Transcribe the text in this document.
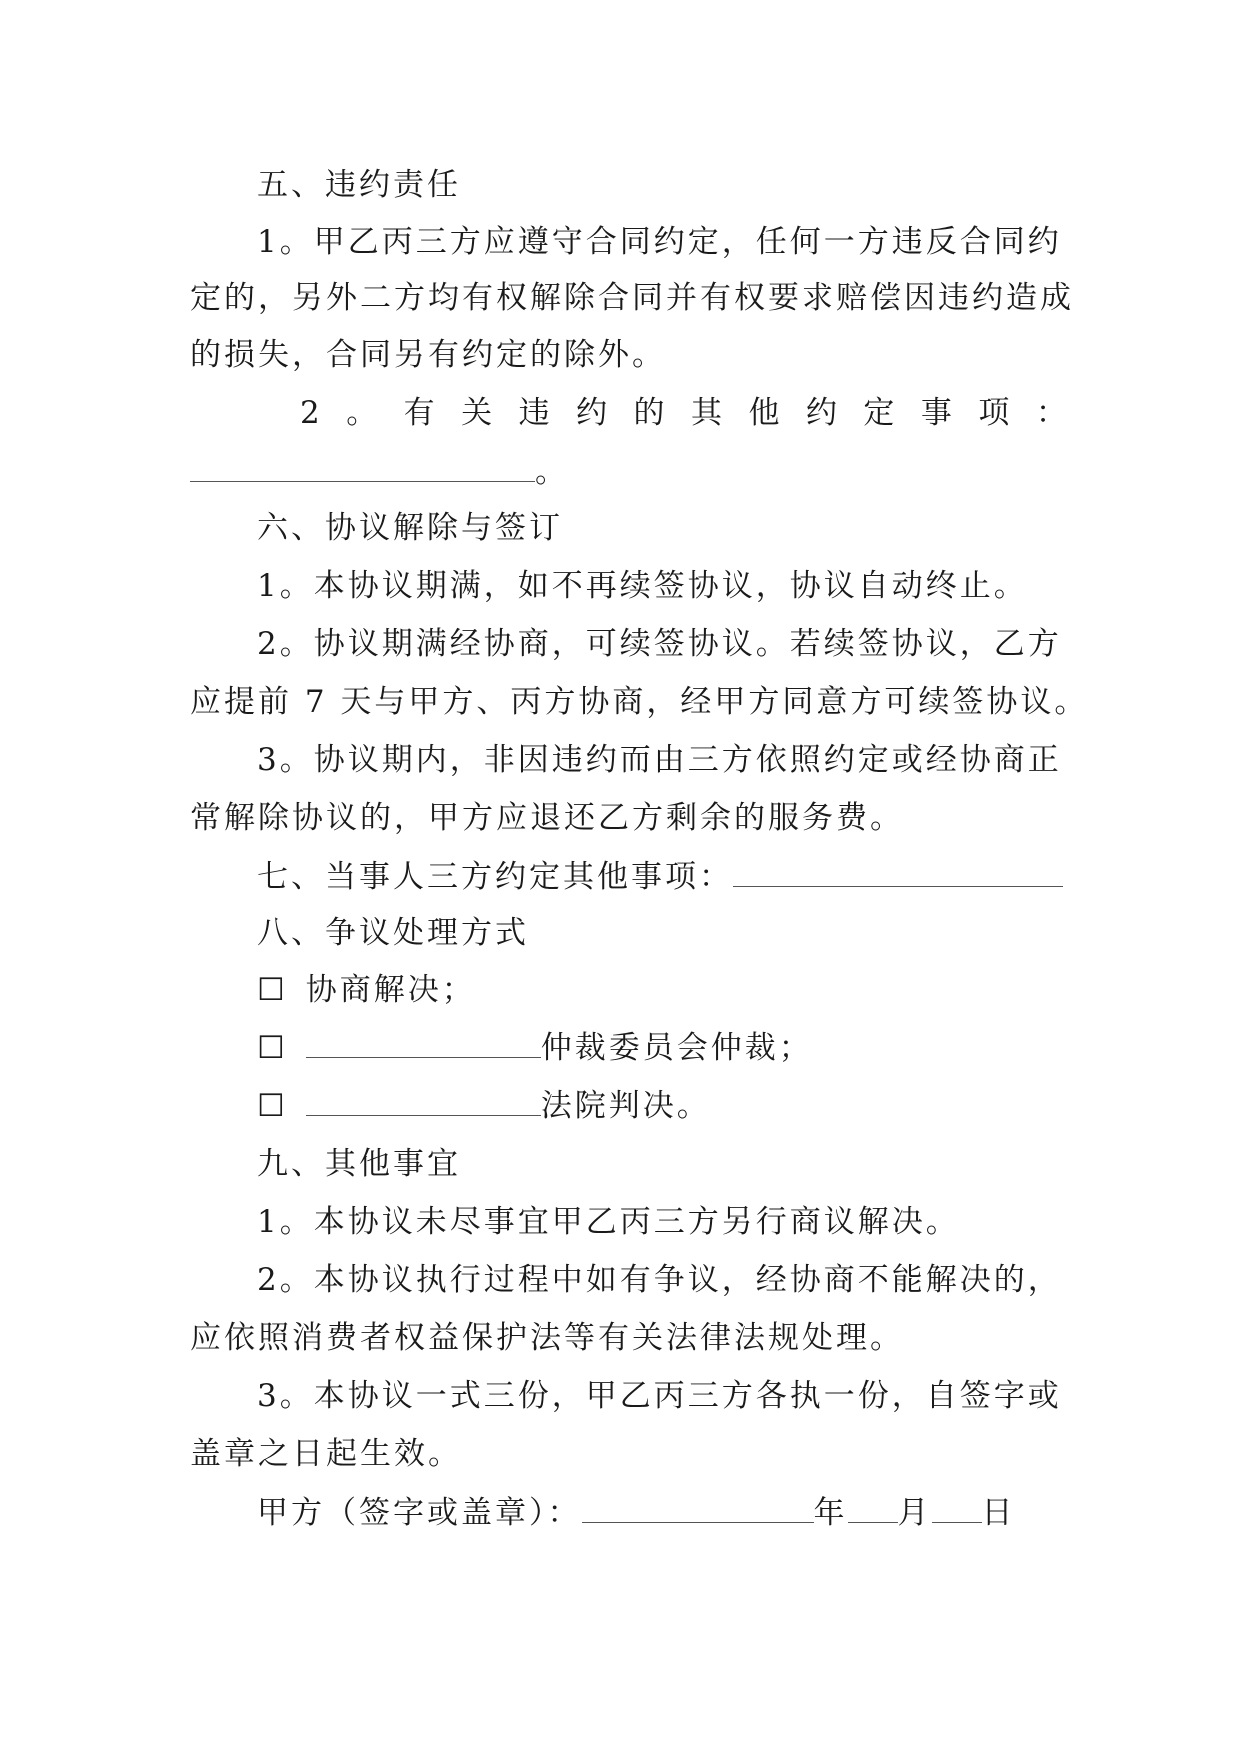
五、违约责任
1。甲乙丙三方应遵守合同约定，任何一方违反合同约
定的，另外二方均有权解除合同并有权要求赔偿因违约造成
的损失，合同另有约定的除外。
2 。 有 关 违 约 的 其 他 约 定 事 项 ：
。
六、协议解除与签订
1。本协议期满，如不再续签协议，协议自动终止。
2。协议期满经协商，可续签协议。若续签协议，乙方
应提前 7 天与甲方、丙方协商，经甲方同意方可续签协议。
3。协议期内，非因违约而由三方依照约定或经协商正
常解除协议的，甲方应退还乙方剩余的服务费。
七、当事人三方约定其他事项：
八、争议处理方式
☐ 协商解决；
☐	仲裁委员会仲裁；
☐	法院判决。
九、其他事宜
1。本协议未尽事宜甲乙丙三方另行商议解决。
2。本协议执行过程中如有争议，经协商不能解决的，
应依照消费者权益保护法等有关法律法规处理。
3。本协议一式三份，甲乙丙三方各执一份，自签字或
盖章之日起生效。
甲方（签字或盖章）：	年 月 日
